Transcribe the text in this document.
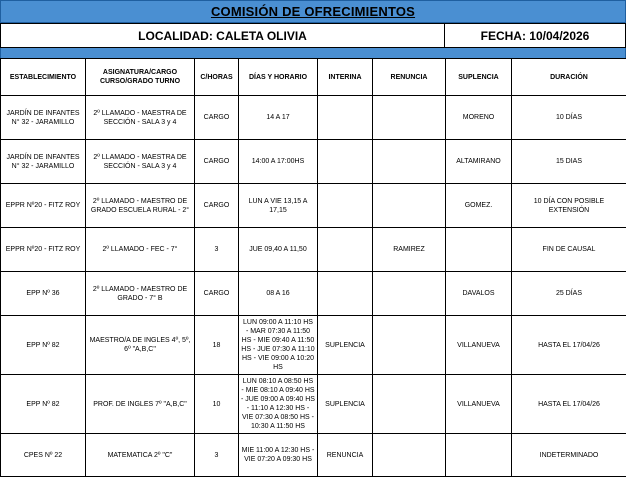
COMISIÓN DE OFRECIMIENTOS
LOCALIDAD: CALETA OLIVIA	FECHA: 10/04/2026
ESTABLECIMIENTO	ASIGNATURA/CARGO CURSO/GRADO TURNO	C/HORAS	DÍAS Y HORARIO	INTERINA	RENUNCIA	SUPLENCIA	DURACIÓN
JARDÍN DE INFANTES N° 32 - JARAMILLO	2º LLAMADO - MAESTRA DE SECCIÓN - SALA 3 y 4	CARGO	14 A 17			MORENO	10 DÍAS
JARDÍN DE INFANTES N° 32 - JARAMILLO	2º LLAMADO - MAESTRA DE SECCIÓN - SALA 3 y 4	CARGO	14:00 A 17:00HS			ALTAMIRANO	15 DIAS
EPPR Nº20 - FITZ ROY	2º LLAMADO - MAESTRO DE GRADO ESCUELA RURAL - 2°	CARGO	LUN A VIE 13,15 A 17,15			GOMEZ.	10 DÍA CON POSIBLE EXTENSIÓN
EPPR Nº20 - FITZ ROY	2º LLAMADO - FEC - 7°	3	JUE 09,40 A 11,50		RAMIREZ		FIN DE CAUSAL
EPP Nº 36	2º LLAMADO - MAESTRO DE GRADO - 7° B	CARGO	08 A 16			DAVALOS	25 DÍAS
EPP Nº 82	MAESTRO/A DE INGLES 4º, 5º, 6º "A,B,C"	18	LUN 09:00 A 11:10 HS - MAR 07:30 A 11:50 HS - MIE 09:40 A 11:50 HS - JUE 07:30 A 11:10 HS - VIE 09:00 A 10:20 HS	SUPLENCIA		VILLANUEVA	HASTA EL 17/04/26
EPP Nº 82	PROF. DE INGLES 7º "A,B,C"	10	LUN 08:10 A 08:50 HS - MIE 08:10 A 09:40 HS - JUE 09:00 A 09:40 HS - 11:10 A 12:30 HS - VIE 07:30 A 08:50 HS - 10:30 A 11:50 HS	SUPLENCIA		VILLANUEVA	HASTA EL 17/04/26
CPES Nº 22	MATEMATICA 2º "C"	3	MIE 11:00 A 12:30 HS - VIE 07:20 A 09:30 HS	RENUNCIA			INDETERMINADO
